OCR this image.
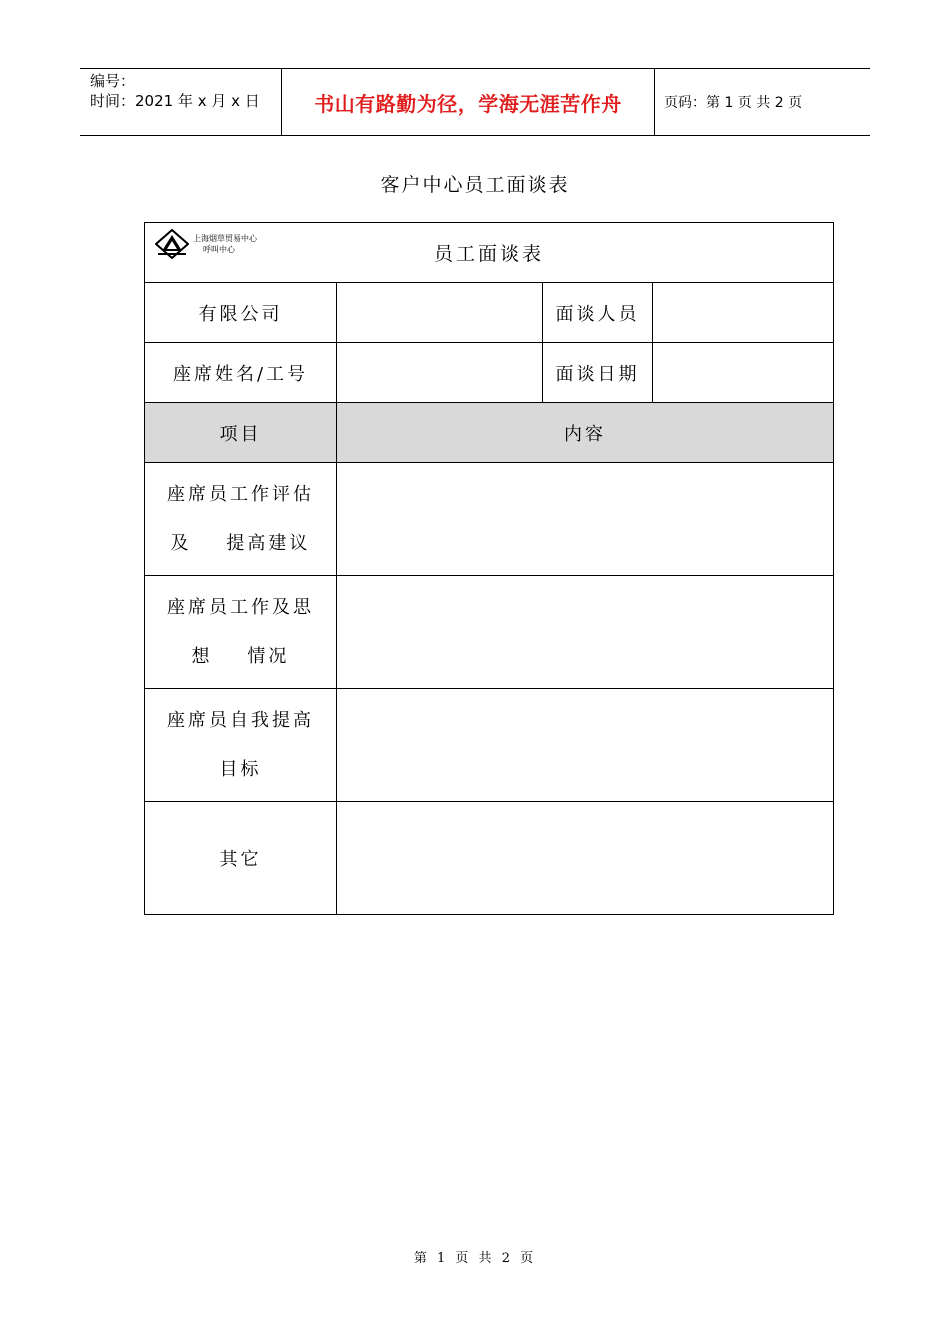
编号：
时间：2021 年 x 月 x 日	书山有路勤为径，学海无涯苦作舟	页码：第 1 页 共 2 页
客户中心员工面谈表
上海烟草贸易中心
呼叫中心 员工面谈表			

有限公司		面谈人员	
座席姓名/工号		面谈日期	
项目	内容		

座席员工作评估
及    提高建议			

座席员工作及思
想    情况			

座席员自我提高
目标			

其它			
第 1 页 共 2 页
